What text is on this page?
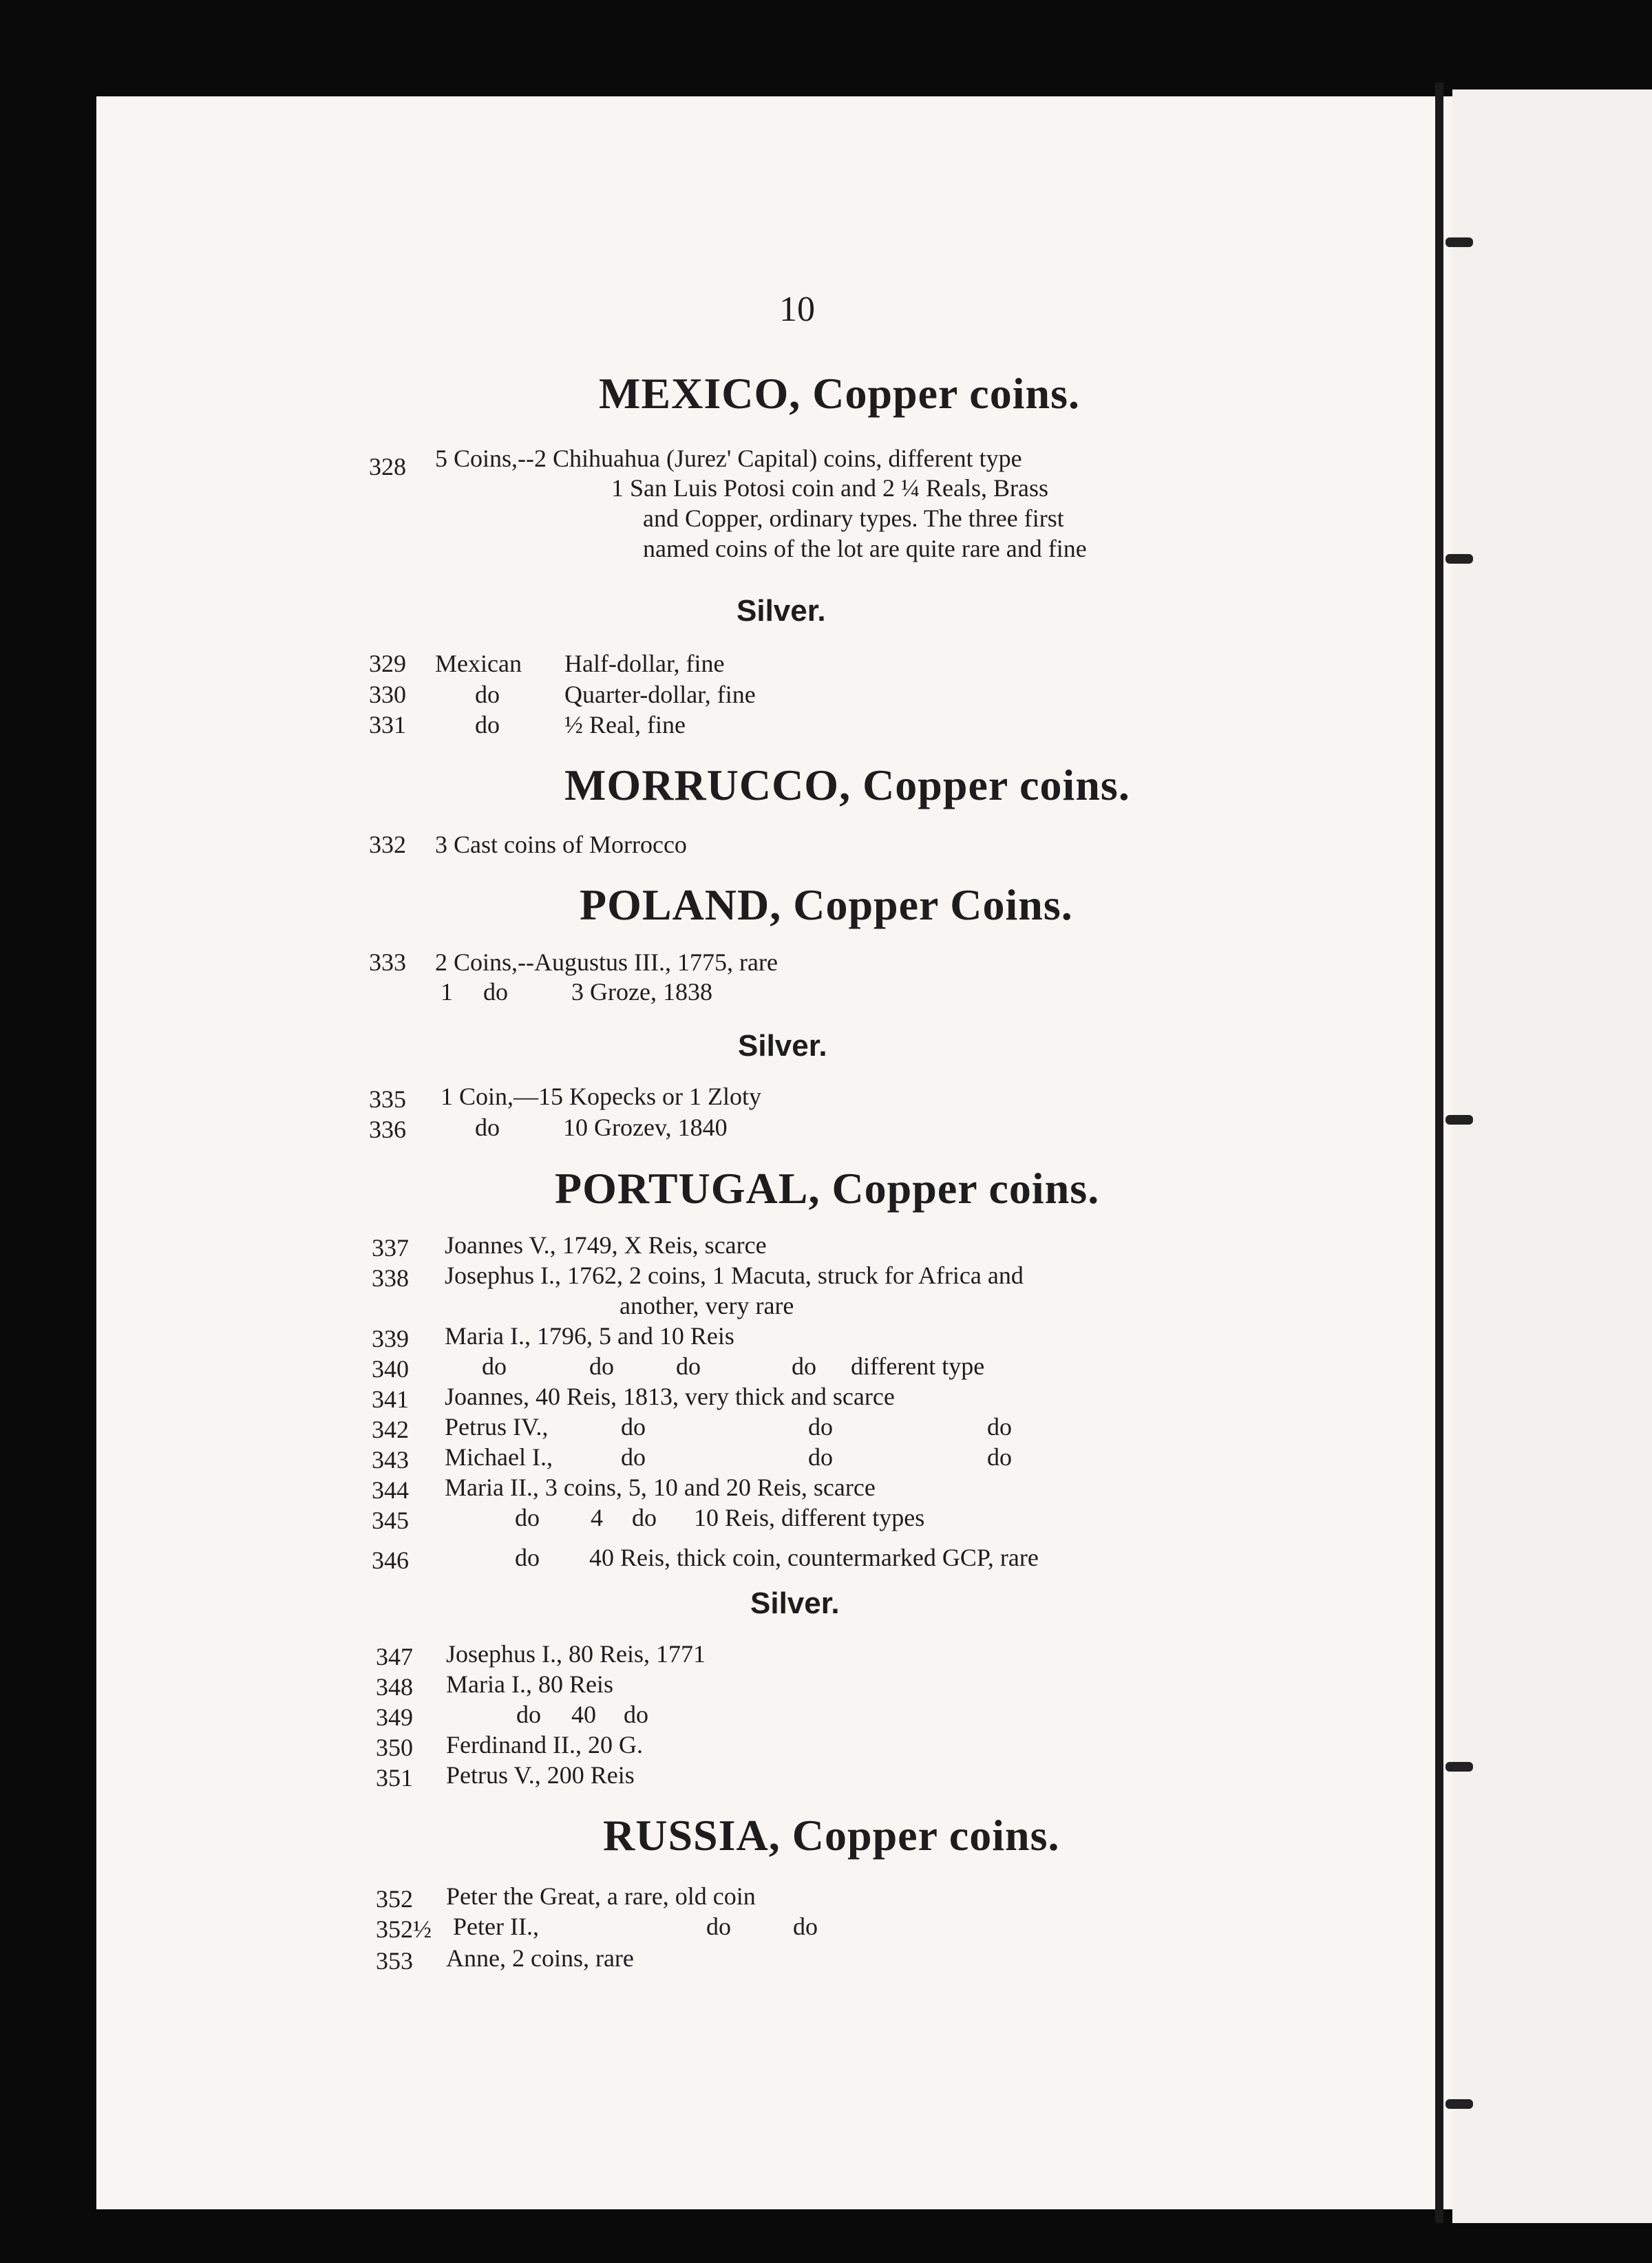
10

MEXICO, Copper coins.

328 5 Coins,--2 Chihuahua (Jurez' Capital) coins, different type

1 San Luis Potosi coin and 2 ¼ Reals, Brass

and Copper, ordinary types. The three first

named coins of the lot are quite rare and fine

Silver.

329 Mexican Half-dollar, fine

330	do	Quarter-dollar, fine

331	do	½ Real, fine

MORRUCCO, Copper coins.

332 3 Cast coins of Morrocco

POLAND, Copper Coins.

333 2 Coins,--Augustus III., 1775, rare

1 do	3 Groze, 1838

Silver.

335 1 Coin,—15 Kopecks or 1 Zloty

336	do	10 Grozev, 1840

PORTUGAL, Copper coins.

337 Joannes V., 1749, X Reis, scarce

338 Josephus I., 1762, 2 coins, 1 Macuta, struck for Africa and

another, very rare

339 Maria I., 1796, 5 and 10 Reis

340	do	do	do	do different type

341 Joannes, 40 Reis, 1813, very thick and scarce

342 Petrus IV.,	do	do	do

343 Michael I.,	do	do	do

344 Maria II., 3 coins, 5, 10 and 20 Reis, scarce

345	do 4 do 10 Reis, different types

346	do 40 Reis, thick coin, countermarked GCP, rare

Silver.

347 Josephus I., 80 Reis, 1771

348 Maria I., 80 Reis

349	do 40 do

350 Ferdinand II., 20 G.

351 Petrus V., 200 Reis

RUSSIA, Copper coins.

352 Peter the Great, a rare, old coin

352½ Peter II.,	do	do

353 Anne, 2 coins, rare
